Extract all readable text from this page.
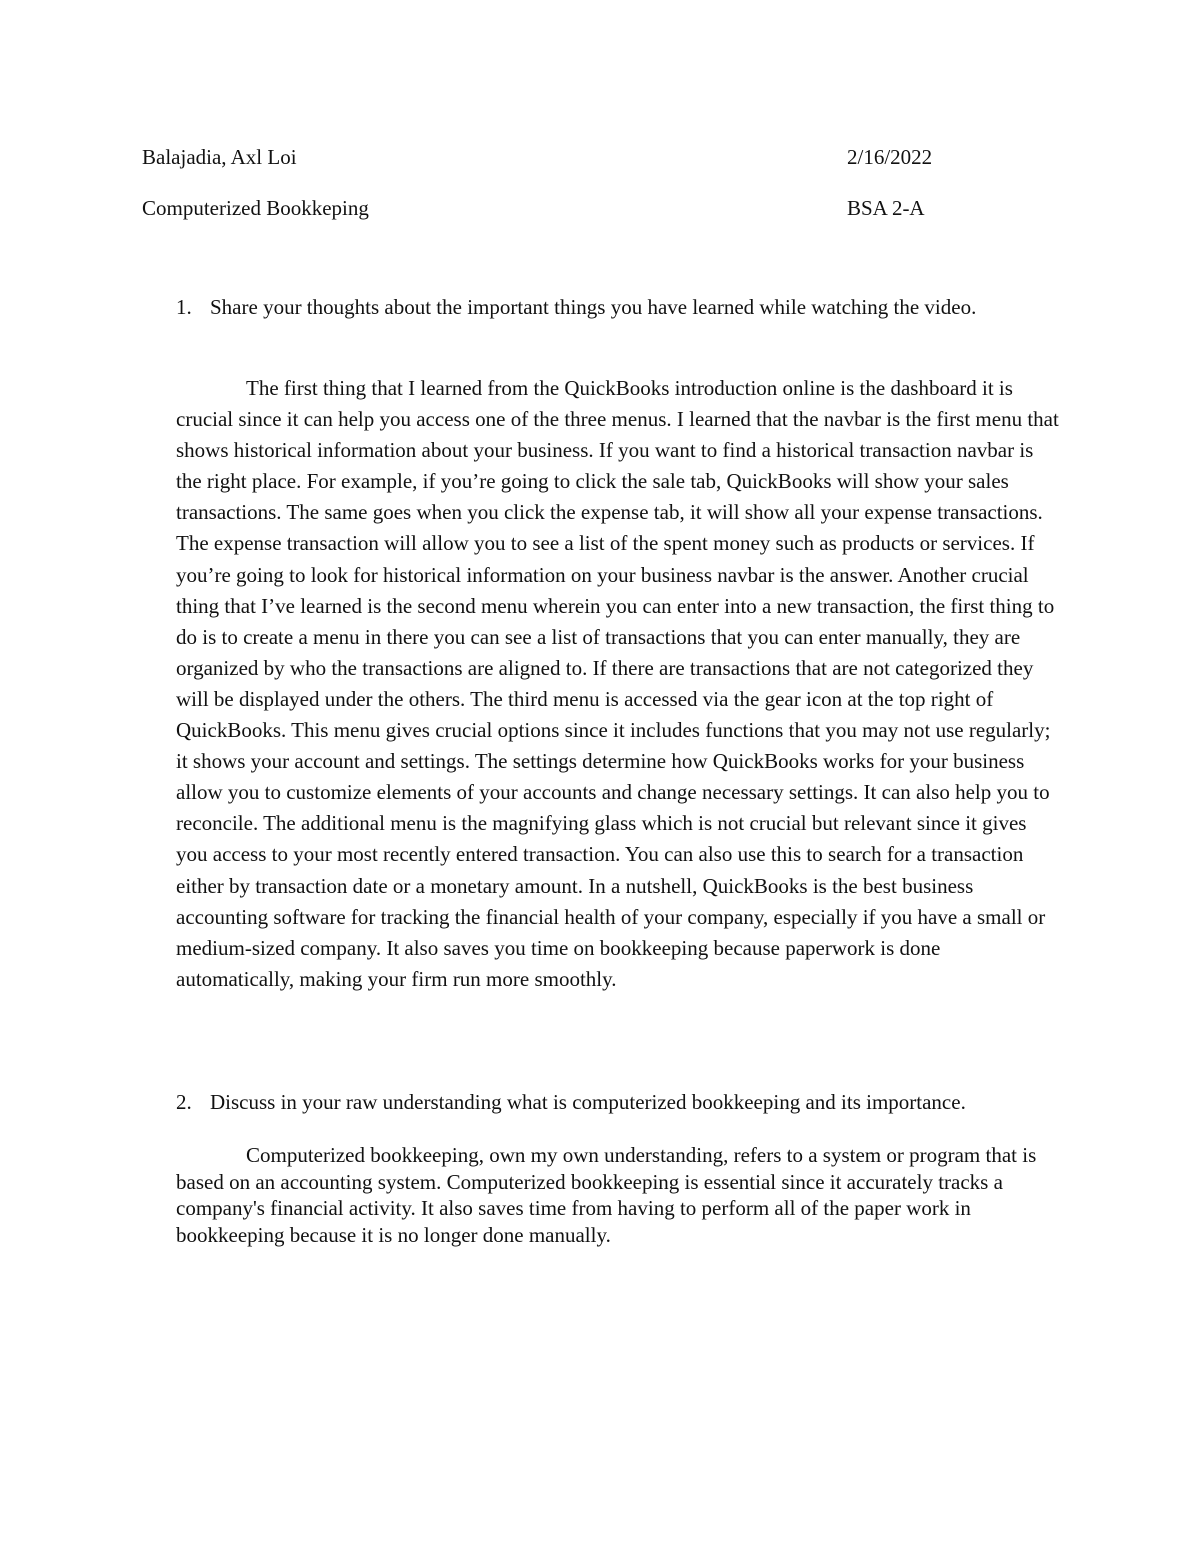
Balajadia, Axl Loi	2/16/2022
Computerized Bookkeping	BSA 2-A
1. Share your thoughts about the important things you have learned while watching the video.

The first thing that I learned from the QuickBooks introduction online is the dashboard it is crucial since it can help you access one of the three menus. I learned that the navbar is the first menu that shows historical information about your business. If you want to find a historical transaction navbar is the right place. For example, if you’re going to click the sale tab, QuickBooks will show your sales transactions. The same goes when you click the expense tab, it will show all your expense transactions. The expense transaction will allow you to see a list of the spent money such as products or services. If you’re going to look for historical information on your business navbar is the answer. Another crucial thing that I’ve learned is the second menu wherein you can enter into a new transaction, the first thing to do is to create a menu in there you can see a list of transactions that you can enter manually, they are organized by who the transactions are aligned to. If there are transactions that are not categorized they will be displayed under the others. The third menu is accessed via the gear icon at the top right of QuickBooks. This menu gives crucial options since it includes functions that you may not use regularly; it shows your account and settings. The settings determine how QuickBooks works for your business allow you to customize elements of your accounts and change necessary settings. It can also help you to reconcile. The additional menu is the magnifying glass which is not crucial but relevant since it gives you access to your most recently entered transaction. You can also use this to search for a transaction either by transaction date or a monetary amount. In a nutshell, QuickBooks is the best business accounting software for tracking the financial health of your company, especially if you have a small or medium-sized company. It also saves you time on bookkeeping because paperwork is done automatically, making your firm run more smoothly.

2. Discuss in your raw understanding what is computerized bookkeeping and its importance.

Computerized bookkeeping, own my own understanding, refers to a system or program that is based on an accounting system. Computerized bookkeeping is essential since it accurately tracks a company's financial activity. It also saves time from having to perform all of the paper work in bookkeeping because it is no longer done manually.
